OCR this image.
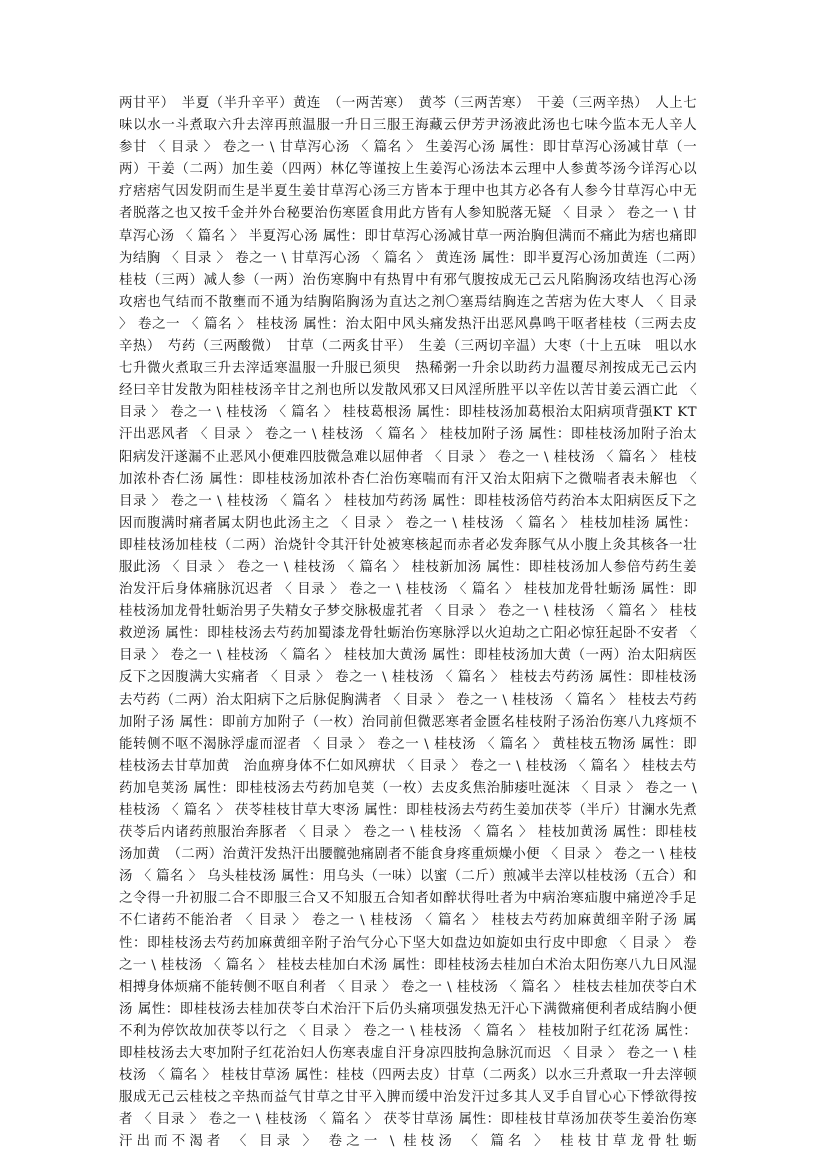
两甘平）　半夏（半升辛平）黄连　（一两苦寒）　黄芩（三两苦寒）　干姜（三两辛热）　人上七味以水一斗煮取六升去滓再煎温服一升日三服王海藏云伊芳尹汤液此汤也七味今监本无人辛人参甘 〈 目录 〉 卷之一 \ 甘草泻心汤 〈 篇名 〉 生姜泻心汤 属性：即甘草泻心汤减甘草（一两）干姜（二两）加生姜（四两）林亿等谨按上生姜泻心汤法本云理中人参黄芩汤今详泻心以疗痞痞气因发阴而生是半夏生姜甘草泻心汤三方皆本于理中也其方必各有人参今甘草泻心中无者脱落之也又按千金并外台秘要治伤寒匿食用此方皆有人参知脱落无疑 〈 目录 〉 卷之一 \ 甘草泻心汤 〈 篇名 〉 半夏泻心汤 属性：即甘草泻心汤减甘草一两治胸但满而不痛此为痞也痛即为结胸 〈 目录 〉 卷之一 \ 甘草泻心汤 〈 篇名 〉 黄连汤 属性：即半夏泻心汤加黄连（二两）桂枝（三两）减人参（一两）治伤寒胸中有热胃中有邪气腹按成无己云凡陷胸汤攻结也泻心汤攻痞也气结而不散壅而不通为结胸陷胸汤为直达之剂〇塞焉结胸连之苦痞为佐大枣人 〈 目录 〉 卷之一 〈 篇名 〉 桂枝汤 属性：治太阳中风头痛发热汗出恶风鼻鸣干呕者桂枝（三两去皮辛热）　芍药（三两酸微）　甘草（二两炙甘平）　生姜（三两切辛温）大枣（十上五味　咀以水七升微火煮取三升去滓适寒温服一升服已须臾　热稀粥一升余以助药力温覆尽剂按成无己云内经曰辛甘发散为阳桂枝汤辛甘之剂也所以发散风邪又曰风淫所胜平以辛佐以苦甘姜云酒亡此 〈 目录 〉 卷之一 \ 桂枝汤 〈 篇名 〉 桂枝葛根汤 属性：即桂枝汤加葛根治太阳病项背强KT KT 汗出恶风者 〈 目录 〉 卷之一 \ 桂枝汤 〈 篇名 〉 桂枝加附子汤 属性：即桂枝汤加附子治太阳病发汗遂漏不止恶风小便难四肢微急难以屈伸者 〈 目录 〉 卷之一 \ 桂枝汤 〈 篇名 〉 桂枝加浓朴杏仁汤 属性：即桂枝汤加浓朴杏仁治伤寒喘而有汗又治太阳病下之微喘者表未解也 〈 目录 〉 卷之一 \ 桂枝汤 〈 篇名 〉 桂枝加芍药汤 属性：即桂枝汤倍芍药治本太阳病医反下之因而腹满时痛者属太阴也此汤主之 〈 目录 〉 卷之一 \ 桂枝汤 〈 篇名 〉 桂枝加桂汤 属性：即桂枝汤加桂枝（二两）治烧针令其汗针处被寒核起而赤者必发奔豚气从小腹上灸其核各一壮服此汤 〈 目录 〉 卷之一 \ 桂枝汤 〈 篇名 〉 桂枝新加汤 属性：即桂枝汤加人参倍芍药生姜治发汗后身体痛脉沉迟者 〈 目录 〉 卷之一 \ 桂枝汤 〈 篇名 〉 桂枝加龙骨牡蛎汤 属性：即桂枝汤加龙骨牡蛎治男子失精女子梦交脉极虚芤者 〈 目录 〉 卷之一 \ 桂枝汤 〈 篇名 〉 桂枝救逆汤 属性：即桂枝汤去芍药加蜀漆龙骨牡蛎治伤寒脉浮以火迫劫之亡阳必惊狂起卧不安者 〈 目录 〉 卷之一 \ 桂枝汤 〈 篇名 〉 桂枝加大黄汤 属性：即桂枝汤加大黄（一两）治太阳病医反下之因腹满大实痛者 〈 目录 〉 卷之一 \ 桂枝汤 〈 篇名 〉 桂枝去芍药汤 属性：即桂枝汤去芍药（二两）治太阳病下之后脉促胸满者 〈 目录 〉 卷之一 \ 桂枝汤 〈 篇名 〉 桂枝去芍药加附子汤 属性：即前方加附子（一枚）治同前但微恶寒者金匮名桂枝附子汤治伤寒八九疼烦不能转侧不呕不渴脉浮虚而涩者 〈 目录 〉 卷之一 \ 桂枝汤 〈 篇名 〉 黄桂枝五物汤 属性：即桂枝汤去甘草加黄　治血痹身体不仁如风痹状 〈 目录 〉 卷之一 \ 桂枝汤 〈 篇名 〉 桂枝去芍药加皂荚汤 属性：即桂枝汤去芍药加皂荚（一枚）去皮炙焦治肺痿吐涎沫 〈 目录 〉 卷之一 \ 桂枝汤 〈 篇名 〉 茯苓桂枝甘草大枣汤 属性：即桂枝汤去芍药生姜加茯苓（半斤）甘澜水先煮茯苓后内诸药煎服治奔豚者 〈 目录 〉 卷之一 \ 桂枝汤 〈 篇名 〉 桂枝加黄汤 属性：即桂枝汤加黄　（二两）治黄汗发热汗出腰髋弛痛剧者不能食身疼重烦燥小便 〈 目录 〉 卷之一 \ 桂枝汤 〈 篇名 〉 乌头桂枝汤 属性：用乌头（一味）以蜜（二斤）煎减半去滓以桂枝汤（五合）和之令得一升初服二合不即服三合又不知服五合知者如醉状得吐者为中病治寒疝腹中痛逆冷手足不仁诸药不能治者 〈 目录 〉 卷之一 \ 桂枝汤 〈 篇名 〉 桂枝去芍药加麻黄细辛附子汤 属性：即桂枝汤去芍药加麻黄细辛附子治气分心下坚大如盘边如旋如虫行皮中即愈 〈 目录 〉 卷之一 \ 桂枝汤 〈 篇名 〉 桂枝去桂加白术汤 属性：即桂枝汤去桂加白术治太阳伤寒八九日风湿相搏身体烦痛不能转侧不呕自利者 〈 目录 〉 卷之一 \ 桂枝汤 〈 篇名 〉 桂枝去桂加茯苓白术汤 属性：即桂枝汤去桂加茯苓白术治汗下后仍头痛项强发热无汗心下满微痛便利者成结胸小便不利为停饮故加茯苓以行之 〈 目录 〉 卷之一 \ 桂枝汤 〈 篇名 〉 桂枝加附子红花汤 属性：即桂枝汤去大枣加附子红花治妇人伤寒表虚自汗身凉四肢拘急脉沉而迟 〈 目录 〉 卷之一 \ 桂枝汤 〈 篇名 〉 桂枝甘草汤 属性：桂枝（四两去皮）甘草（二两炙）以水三升煮取一升去滓顿服成无己云桂枝之辛热而益气甘草之甘平入脾而缓中治发汗过多其人叉手自冒心心下悸欲得按者 〈 目录 〉 卷之一 \ 桂枝汤 〈 篇名 〉 茯苓甘草汤 属性：即桂枝甘草汤加茯苓生姜治伤寒汗出而不渴者 〈 目录 〉 卷之一 \ 桂枝汤 〈 篇名 〉 桂枝甘草龙骨牡蛎
